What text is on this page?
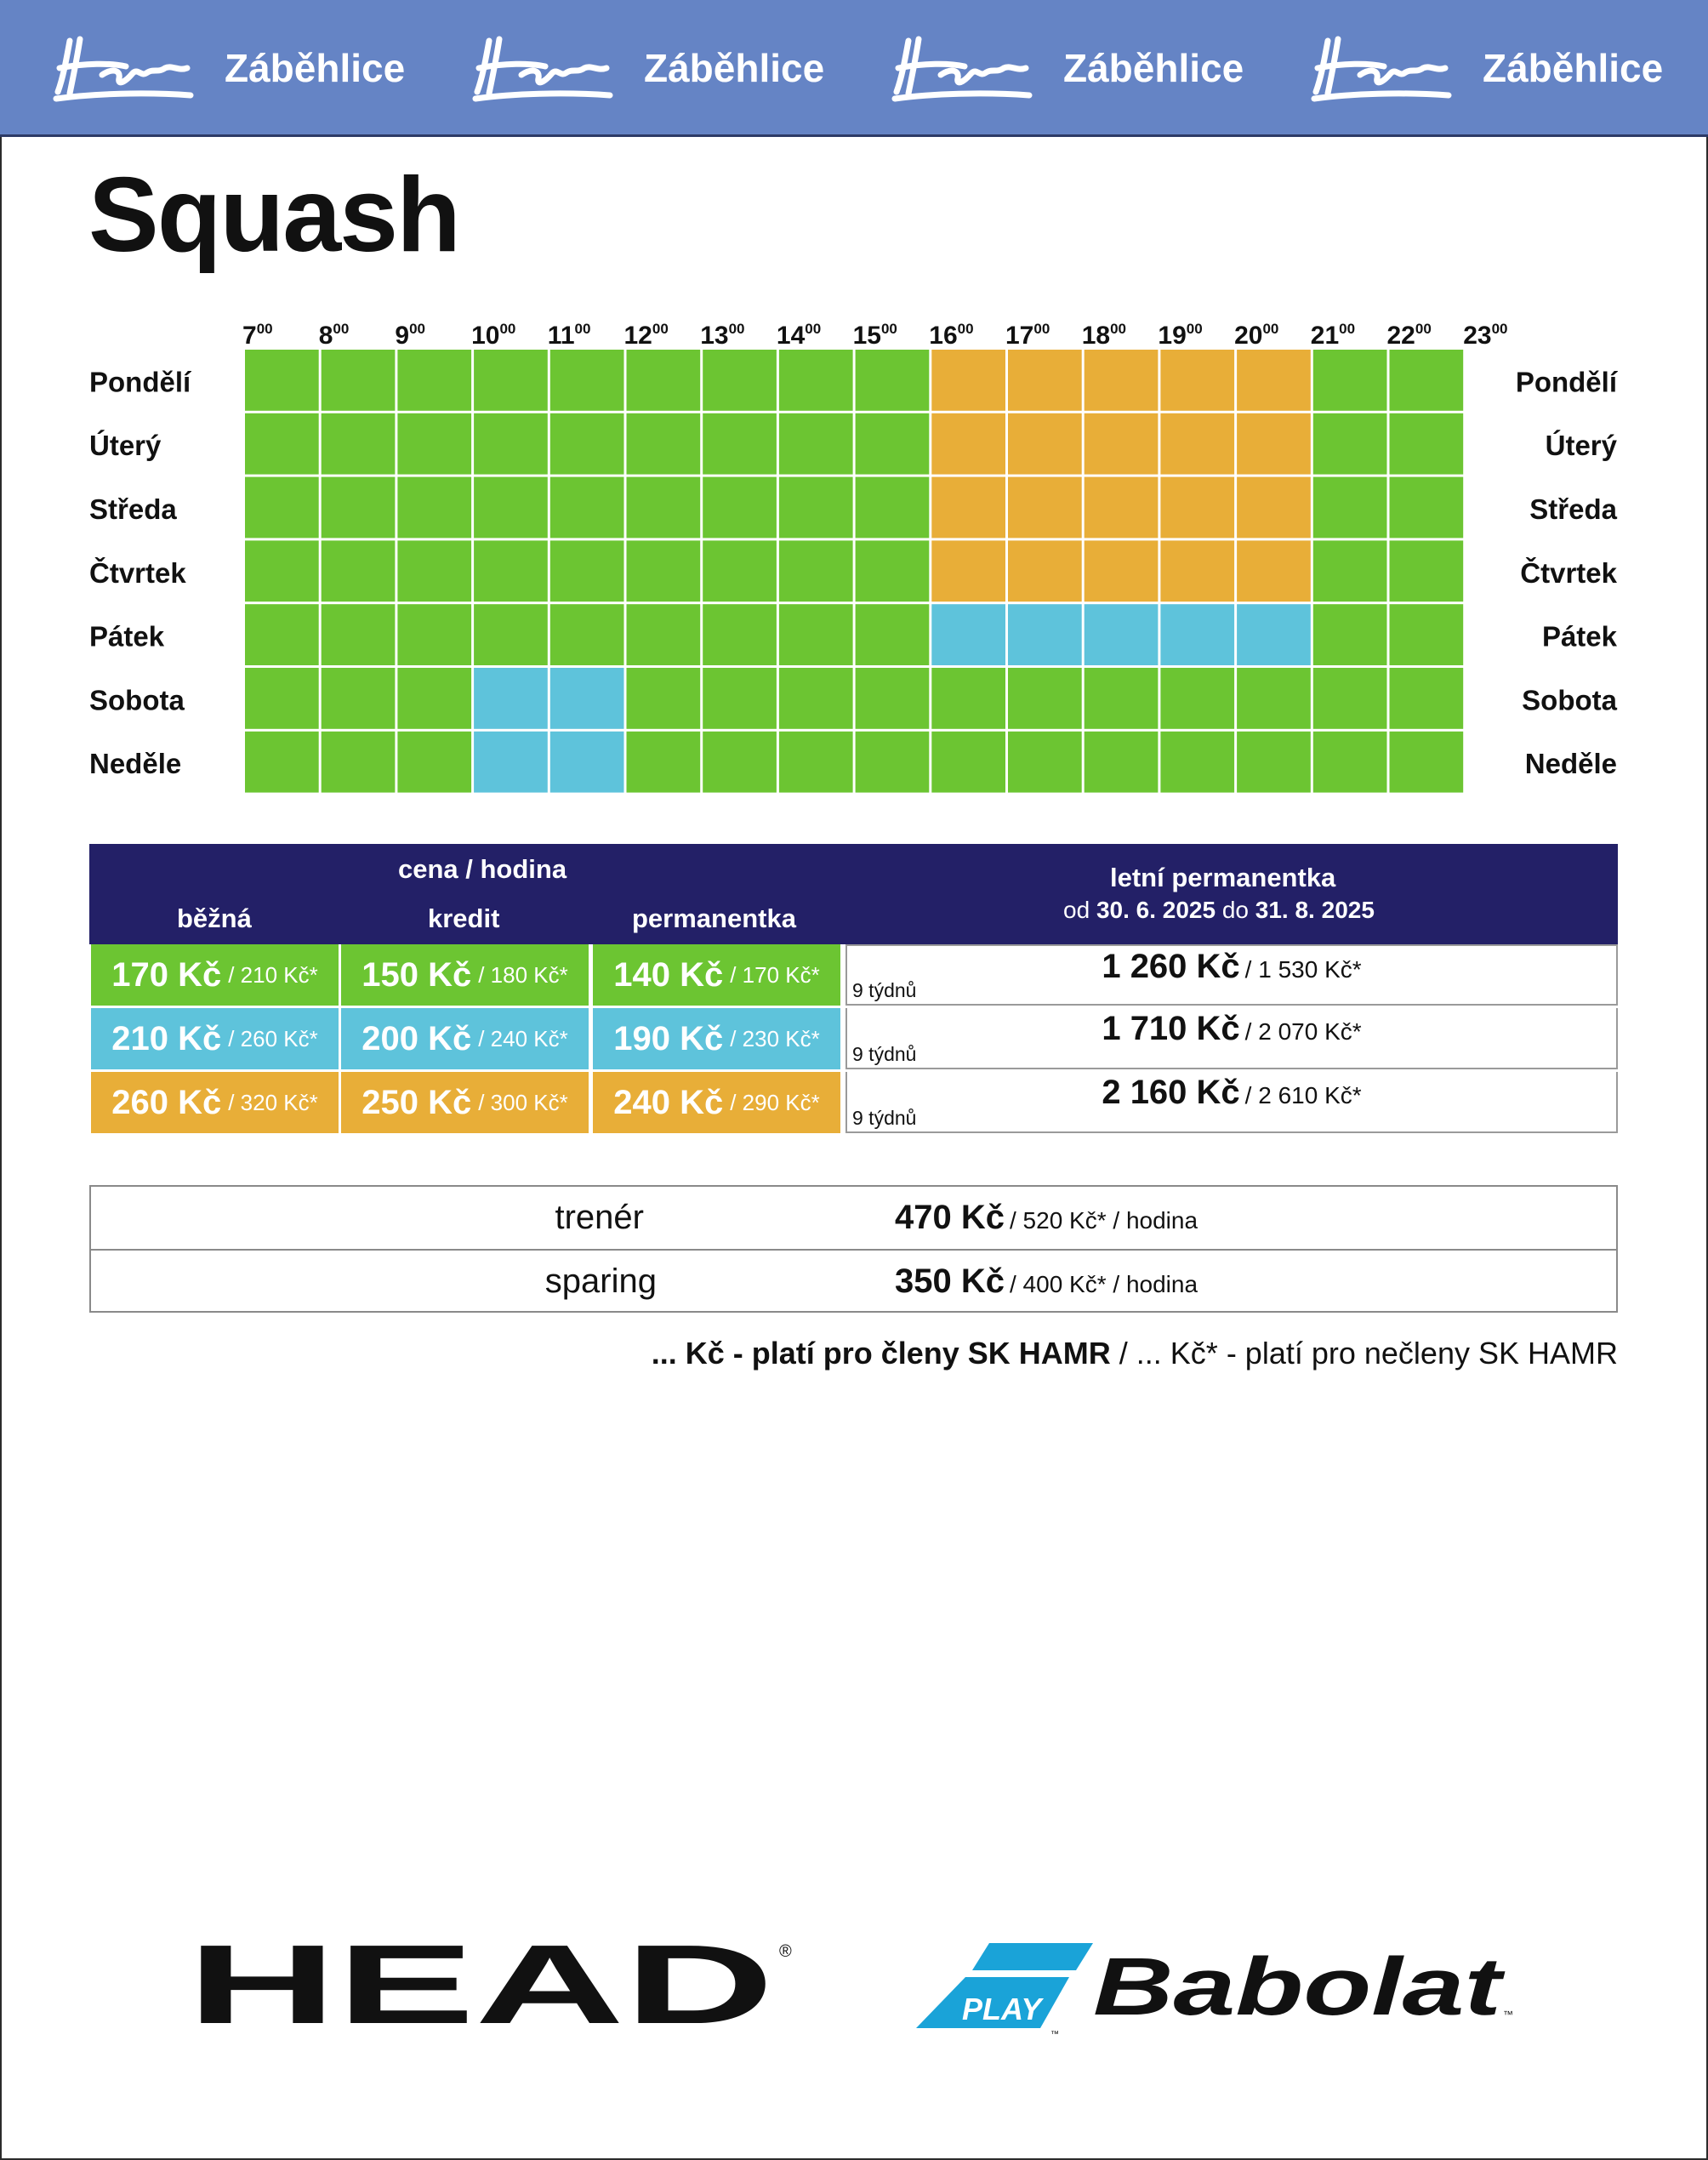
Záběhlice	Záběhlice	Záběhlice	Záběhlice
Squash
$7^{00}$ $8^{00}$ $9^{00}$ $10^{00}$ $11^{00}$ $12^{00}$ $13^{00}$ $14^{00}$ $15^{00}$ $16^{00}$ $17^{00}$ $18^{00}$ $19^{00}$ $20^{00}$ $21^{00}$ $22^{00}$ $23^{00}$
Pondělí	Pondělí
Úterý	Úterý
Středa	Středa
Čtvrtek	Čtvrtek
Pátek	Pátek
Sobota	Sobota
Neděle	Neděle
cena / hodina
běžná	kredit	permanentka
letní permanentka
od 30. 6. 2025 do 31. 8. 2025
170 Kč / 210 Kč* 150 Kč / 180 Kč* 140 Kč / 170 Kč*
9 týdnů
1 260 Kč / 1 530 Kč*
210 Kč / 260 Kč* 200 Kč / 240 Kč* 190 Kč / 230 Kč*
9 týdnů
1 710 Kč / 2 070 Kč*
260 Kč / 320 Kč* 250 Kč / 300 Kč* 240 Kč / 290 Kč*
9 týdnů
2 160 Kč / 2 610 Kč*
trenér	470 Kč / 520 Kč* / hodina
sparing	350 Kč / 400 Kč* / hodina
... Kč - platí pro členy SK HAMR / ... Kč* - platí pro nečleny SK HAMR
HEAD ®
PLAY
™
Babolat
™
